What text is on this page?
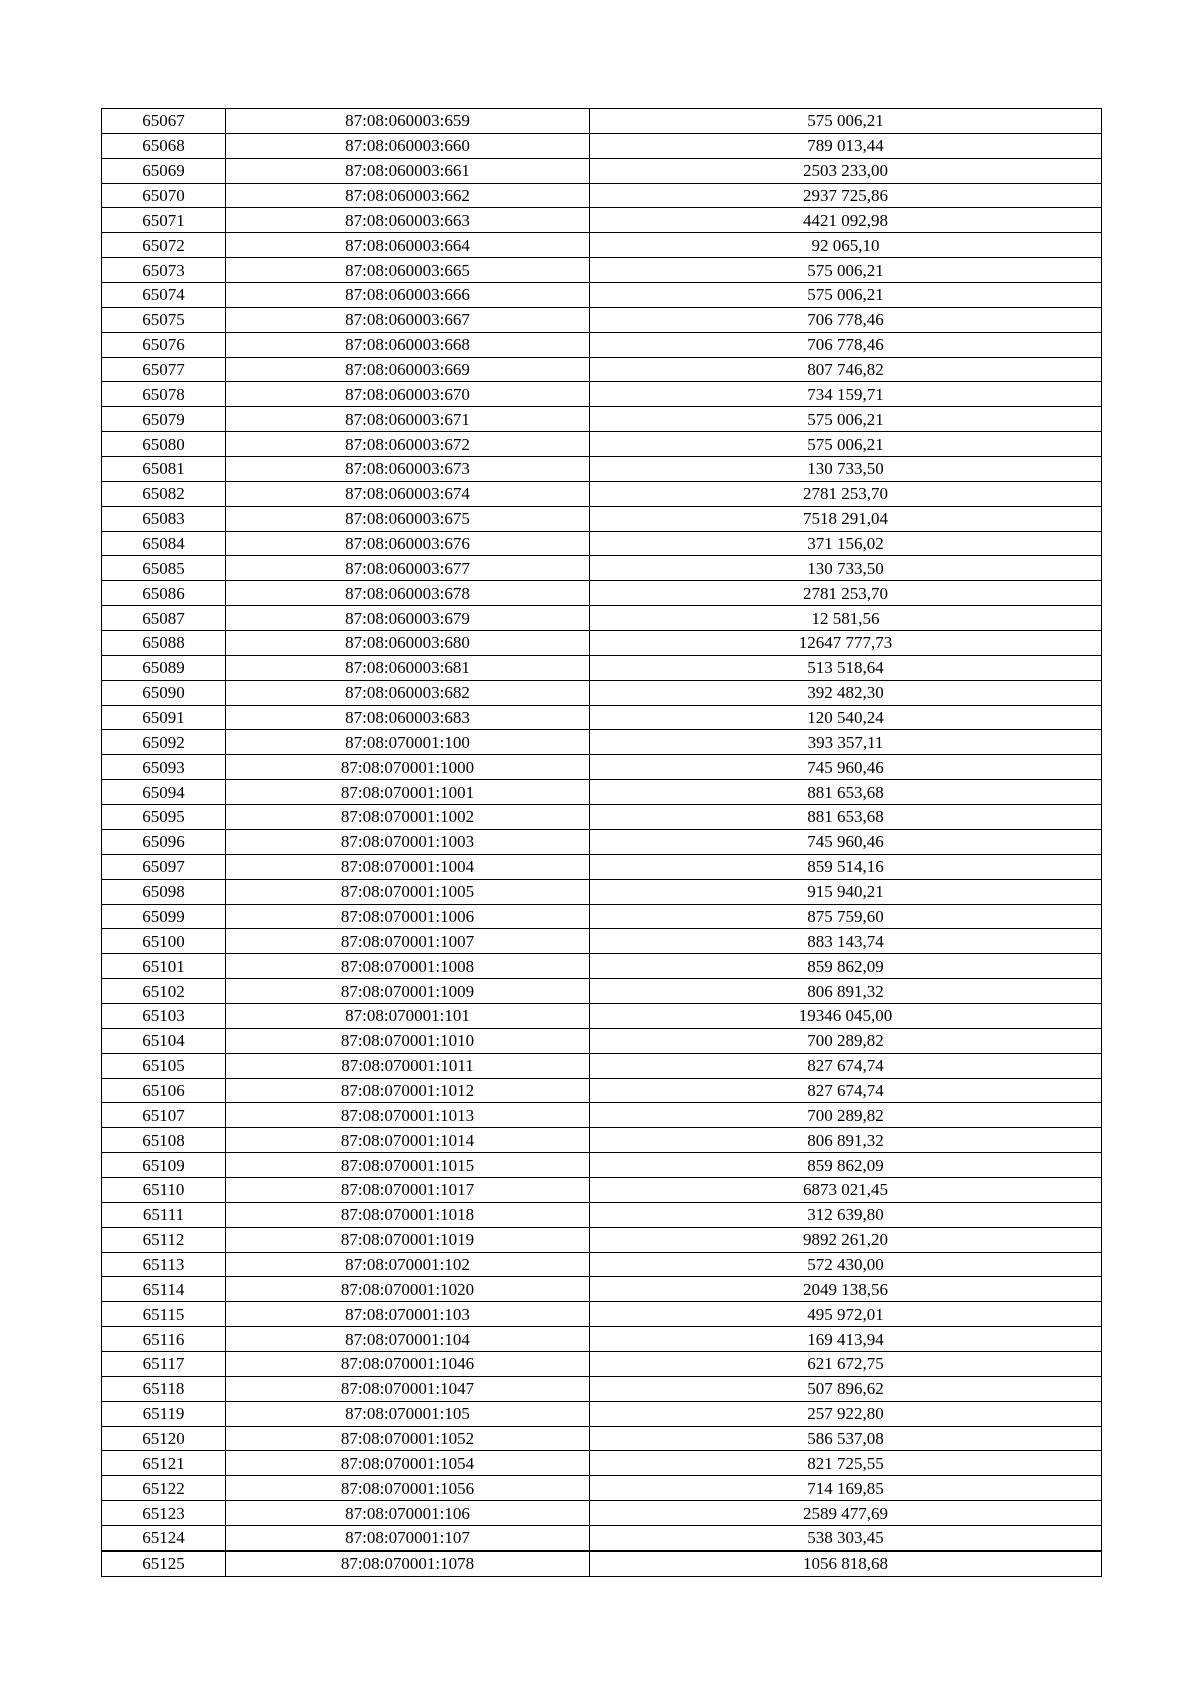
65067	87:08:060003:659	575 006,21
65068	87:08:060003:660	789 013,44
65069	87:08:060003:661	2503 233,00
65070	87:08:060003:662	2937 725,86
65071	87:08:060003:663	4421 092,98
65072	87:08:060003:664	92 065,10
65073	87:08:060003:665	575 006,21
65074	87:08:060003:666	575 006,21
65075	87:08:060003:667	706 778,46
65076	87:08:060003:668	706 778,46
65077	87:08:060003:669	807 746,82
65078	87:08:060003:670	734 159,71
65079	87:08:060003:671	575 006,21
65080	87:08:060003:672	575 006,21
65081	87:08:060003:673	130 733,50
65082	87:08:060003:674	2781 253,70
65083	87:08:060003:675	7518 291,04
65084	87:08:060003:676	371 156,02
65085	87:08:060003:677	130 733,50
65086	87:08:060003:678	2781 253,70
65087	87:08:060003:679	12 581,56
65088	87:08:060003:680	12647 777,73
65089	87:08:060003:681	513 518,64
65090	87:08:060003:682	392 482,30
65091	87:08:060003:683	120 540,24
65092	87:08:070001:100	393 357,11
65093	87:08:070001:1000	745 960,46
65094	87:08:070001:1001	881 653,68
65095	87:08:070001:1002	881 653,68
65096	87:08:070001:1003	745 960,46
65097	87:08:070001:1004	859 514,16
65098	87:08:070001:1005	915 940,21
65099	87:08:070001:1006	875 759,60
65100	87:08:070001:1007	883 143,74
65101	87:08:070001:1008	859 862,09
65102	87:08:070001:1009	806 891,32
65103	87:08:070001:101	19346 045,00
65104	87:08:070001:1010	700 289,82
65105	87:08:070001:1011	827 674,74
65106	87:08:070001:1012	827 674,74
65107	87:08:070001:1013	700 289,82
65108	87:08:070001:1014	806 891,32
65109	87:08:070001:1015	859 862,09
65110	87:08:070001:1017	6873 021,45
65111	87:08:070001:1018	312 639,80
65112	87:08:070001:1019	9892 261,20
65113	87:08:070001:102	572 430,00
65114	87:08:070001:1020	2049 138,56
65115	87:08:070001:103	495 972,01
65116	87:08:070001:104	169 413,94
65117	87:08:070001:1046	621 672,75
65118	87:08:070001:1047	507 896,62
65119	87:08:070001:105	257 922,80
65120	87:08:070001:1052	586 537,08
65121	87:08:070001:1054	821 725,55
65122	87:08:070001:1056	714 169,85
65123	87:08:070001:106	2589 477,69
65124	87:08:070001:107	538 303,45
65125	87:08:070001:1078	1056 818,68
